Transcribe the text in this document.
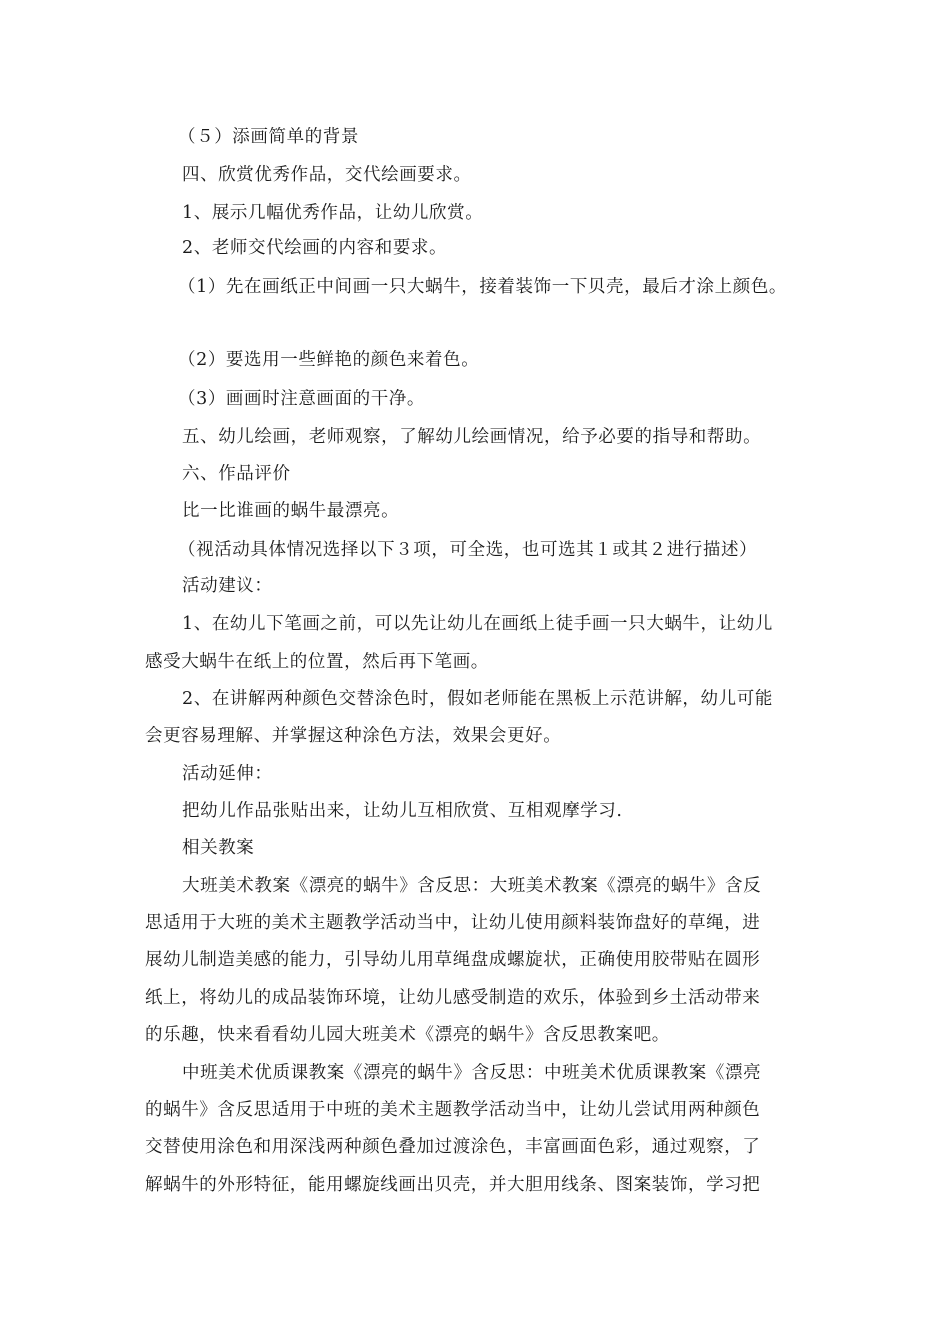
（５）添画简单的背景
四、欣赏优秀作品，交代绘画要求。
1、展示几幅优秀作品，让幼儿欣赏。
2、老师交代绘画的内容和要求。
（1）先在画纸正中间画一只大蜗牛，接着装饰一下贝壳，最后才涂上颜色。
（2）要选用一些鲜艳的颜色来着色。
（3）画画时注意画面的干净。
五、幼儿绘画，老师观察，了解幼儿绘画情况，给予必要的指导和帮助。
六、作品评价
比一比谁画的蜗牛最漂亮。
（视活动具体情况选择以下３项，可全选，也可选其１或其２进行描述）
活动建议：
1、在幼儿下笔画之前，可以先让幼儿在画纸上徒手画一只大蜗牛，让幼儿
感受大蜗牛在纸上的位置，然后再下笔画。
2、在讲解两种颜色交替涂色时，假如老师能在黑板上示范讲解，幼儿可能
会更容易理解、并掌握这种涂色方法，效果会更好。
活动延伸：
把幼儿作品张贴出来，让幼儿互相欣赏、互相观摩学习.
相关教案
大班美术教案《漂亮的蜗牛》含反思：大班美术教案《漂亮的蜗牛》含反
思适用于大班的美术主题教学活动当中，让幼儿使用颜料装饰盘好的草绳，进
展幼儿制造美感的能力，引导幼儿用草绳盘成螺旋状，正确使用胶带贴在圆形
纸上，将幼儿的成品装饰环境，让幼儿感受制造的欢乐，体验到乡土活动带来
的乐趣，快来看看幼儿园大班美术《漂亮的蜗牛》含反思教案吧。
中班美术优质课教案《漂亮的蜗牛》含反思：中班美术优质课教案《漂亮
的蜗牛》含反思适用于中班的美术主题教学活动当中，让幼儿尝试用两种颜色
交替使用涂色和用深浅两种颜色叠加过渡涂色，丰富画面色彩，通过观察，了
解蜗牛的外形特征，能用螺旋线画出贝壳，并大胆用线条、图案装饰，学习把
